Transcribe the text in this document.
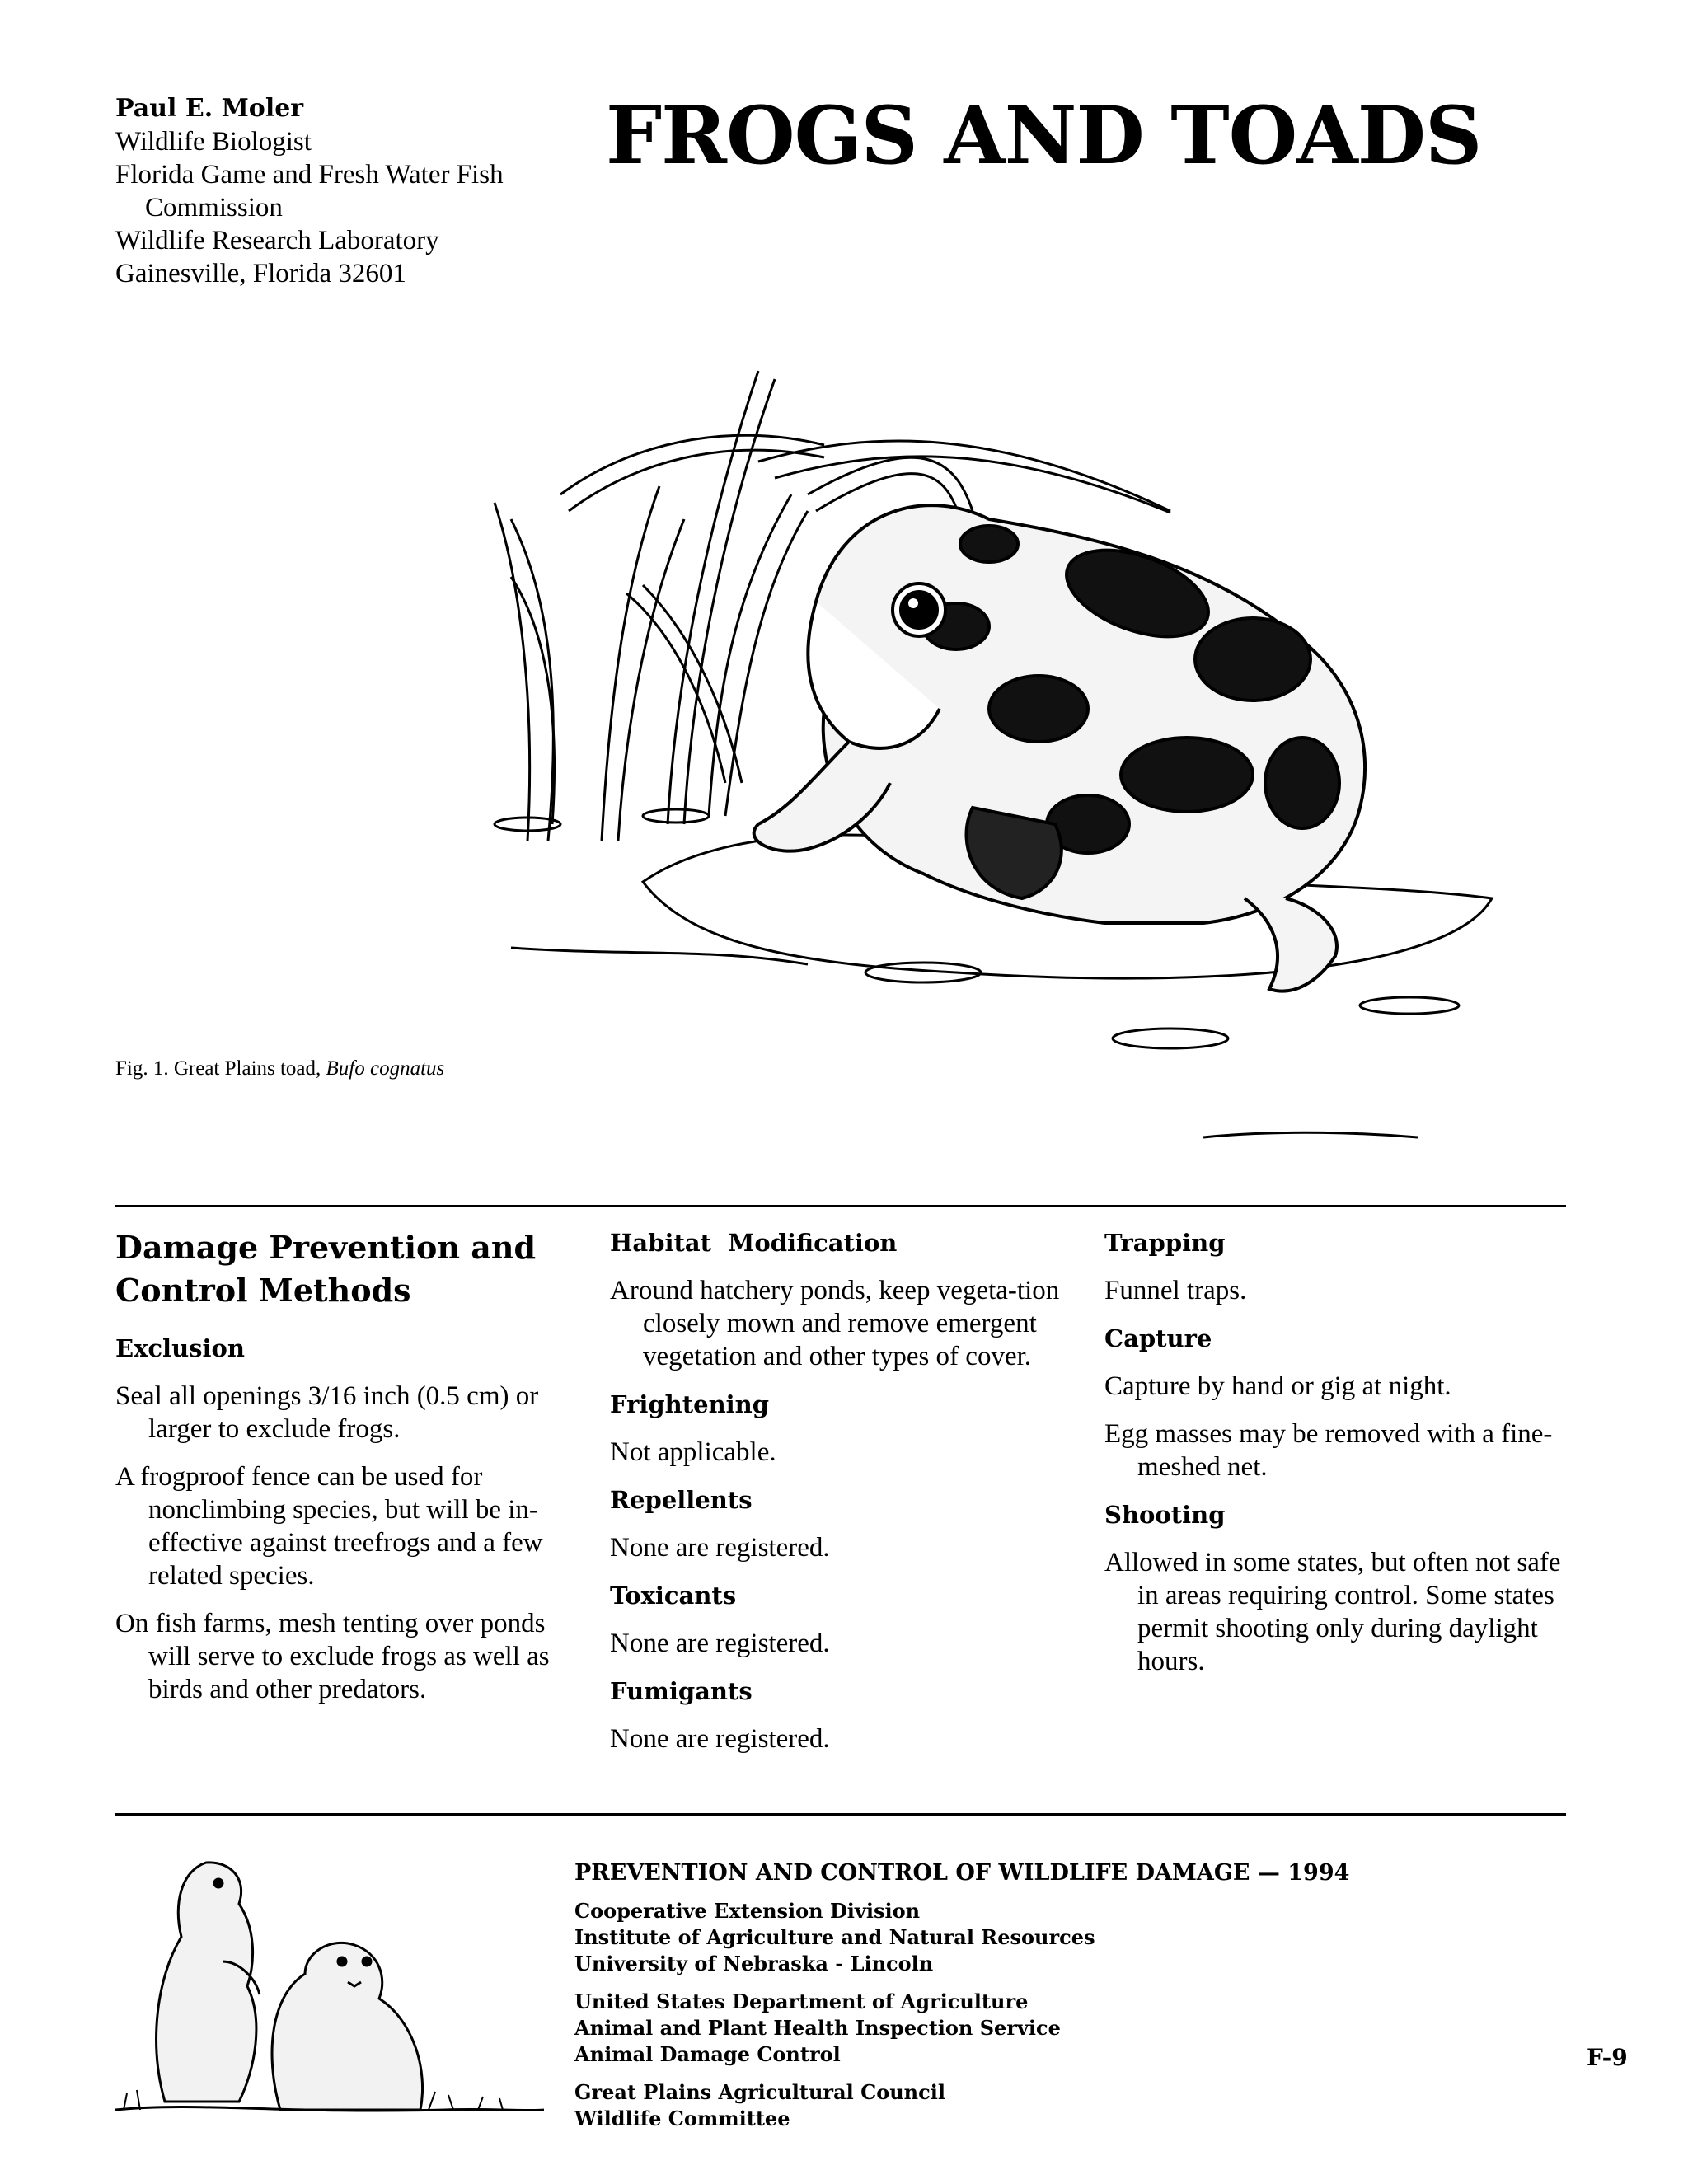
Paul E. Moler
Wildlife Biologist
Florida Game and Fresh Water Fish
Commission
Wildlife Research Laboratory
Gainesville, Florida 32601
FROGS AND TOADS
Fig. 1. Great Plains toad, Bufo cognatus
Damage Prevention and
Control Methods
Exclusion

Seal all openings 3/16 inch (0.5 cm) or larger to exclude frogs.

A frogproof fence can be used for nonclimbing species, but will be in-effective against treefrogs and a few related species.

On fish farms, mesh tenting over ponds will serve to exclude frogs as well as birds and other predators.

Habitat  Modification

Around hatchery ponds, keep vegeta-tion closely mown and remove emergent vegetation and other types of cover.

Frightening

Not applicable.

Repellents

None are registered.

Toxicants

None are registered.

Fumigants

None are registered.

Trapping

Funnel traps.

Capture

Capture by hand or gig at night.

Egg masses may be removed with a fine-meshed net.

Shooting

Allowed in some states, but often not safe in areas requiring control. Some states permit shooting only during daylight hours.

PREVENTION AND CONTROL OF WILDLIFE DAMAGE — 1994
Cooperative Extension Division
Institute of Agriculture and Natural Resources
University of Nebraska - Lincoln
United States Department of Agriculture
Animal and Plant Health Inspection Service
Animal Damage Control
Great Plains Agricultural Council
Wildlife Committee
F-9
